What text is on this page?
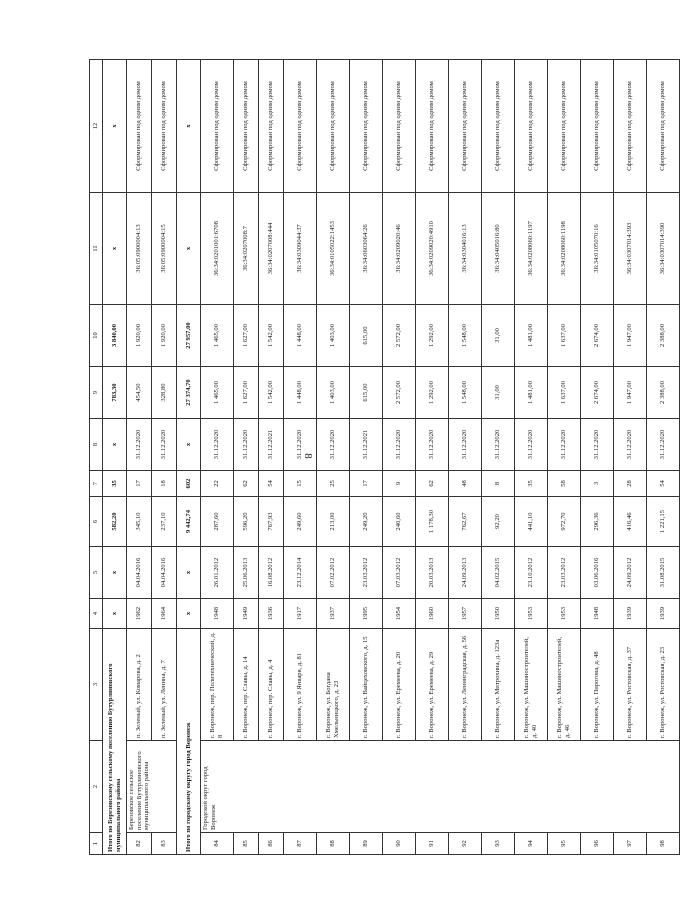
8
1	2	3	4	5	6	7	8	9	10	11	12
Итого по Березовскому сельскому поселению Бутурлиновского муниципального района			х	х	582,20	35	х	783,30	3 840,00	х	х
82	Березовское сельское поселение Бутурлиновского муниципального района	п. Зеленый, ул. Комарова, д. 2	1962	04.04.2016	345,10	17	31.12.2020	454,50	1 920,00	36:05:0900004:13	Сформирован под одним домом
83		п. Зеленый, ул. Ленина, д. 7	1964	04.04.2016	237,10	18	31.12.2020	328,80	1 920,00	36:05:0900004:15	Сформирован под одним домом
Итого по городскому округу город Воронеж			х	х	9 442,74	602	х	27 374,70	27 957,00	х	х
84	Городской округ город Воронеж	г. Воронеж, пер. Политехнический, д. 8	1948	26.01.2012	287,60	22	31.12.2020	1 465,00	1 465,00	36:34:0201001:6708	Сформирован под одним домом
85		г. Воронеж, пер. Славы, д. 14	1949	25.06.2013	596,20	62	31.12.2020	1 627,00	1 627,00	36:34:0207008:7	Сформирован под одним домом
86		г. Воронеж, пер. Славы, д. 4	1936	16.08.2012	767,93	54	31.12.2021	1 542,00	1 542,00	36:34:0207008:444	Сформирован под одним домом
87		г. Воронеж, ул. 9 Января, д. 81	1917	23.12.2014	249,60	15	31.12.2020	1 448,00	1 448,00	36:34:0309044:37	Сформирован под одним домом
88		г. Воронеж, ул. Богдана Хмельницкого, д. 23	1937	07.02.2012	213,00	25	31.12.2020	1 403,00	1 403,00	36:34:0105022:1453	Сформирован под одним домом
89		г. Воронеж, ул. Вайцеховского, д. 15	1995	23.03.2012	249,20	17	31.12.2021	615,00	615,00	36:34:0603064:26	Сформирован под одним домом
90		г. Воронеж, ул. Еремеева, д. 20	1954	07.03.2012	240,60	9	31.12.2020	2 572,00	2 572,00	36:34:0209020:46	Сформирован под одним домом
91		г. Воронеж, ул. Еремеева, д. 29	1960	20.03.2013	1 178,30	62	31.12.2020	1 292,00	1 292,00	36:34:0209020:4910	Сформирован под одним домом
92		г. Воронеж, ул. Ленинградская, д. 56	1957	24.09.2013	762,67	48	31.12.2020	1 548,00	1 548,00	36:34:0304016:13	Сформирован под одним домом
93		г. Воронеж, ул. Митрохина, д. 123а	1950	04.02.2015	92,20	8	31.12.2020	31,00	31,00	36:34:0405016:80	Сформирован под одним домом
94		г. Воронеж, ул. Машиностроителей, д. 40	1953	23.10.2012	441,10	35	31.12.2020	1 481,00	1 481,00	36:34:0208060:1197	Сформирован под одним домом
95		г. Воронеж, ул. Машиностроителей, д. 46	1953	23.03.2012	972,70	58	31.12.2020	1 637,00	1 637,00	36:34:0208060:1198	Сформирован под одним домом
96		г. Воронеж, ул. Пирогова, д. 48	1948	03.06.2016	296,36	3	31.12.2020	2 674,00	2 674,00	36:34:0105070:16	Сформирован под одним домом
97		г. Воронеж, ул. Ростовская, д. 37	1939	24.09.2012	416,46	28	31.12.2020	1 947,00	1 947,00	36:34:0307014:393	Сформирован под одним домом
98		г. Воронеж, ул. Ростовская, д. 23	1939	31.08.2015	1 221,15	54	31.12.2020	2 388,00	2 388,00	36:34:0307014:390	Сформирован под одним домом
